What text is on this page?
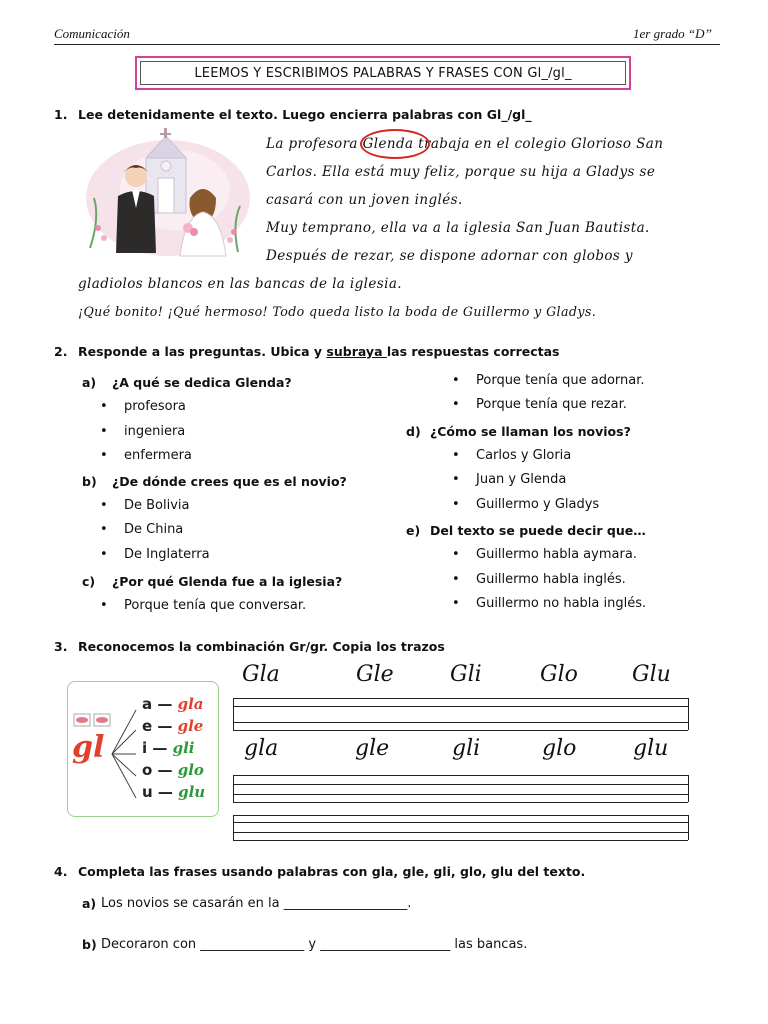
Comunicación	1er grado “D’’
LEEMOS Y ESCRIBIMOS PALABRAS Y FRASES CON Gl_/gl_
1. Lee detenidamente el texto. Luego encierra palabras con Gl_/gl_
La profesora Glenda trabaja en el colegio Glorioso San
Carlos. Ella está muy feliz, porque su hija a Gladys se
casará con un joven inglés.
Muy temprano, ella va a la iglesia San Juan Bautista.
Después de rezar, se dispone adornar con globos y
gladiolos blancos en las bancas de la iglesia.
¡Qué bonito! ¡Qué hermoso! Todo queda listo la boda de Guillermo y Gladys.
2. Responde a las preguntas. Ubica y subraya las respuestas correctas
a) ¿A qué se dedica Glenda?
• profesora
• ingeniera
• enfermera
b) ¿De dónde crees que es el novio?
• De Bolivia
• De China
• De Inglaterra
c) ¿Por qué Glenda fue a la iglesia?
• Porque tenía que conversar.
• Porque tenía que adornar.
• Porque tenía que rezar.
d) ¿Cómo se llaman los novios?
• Carlos y Gloria
• Juan y Glenda
• Guillermo y Gladys
e) Del texto se puede decir que…
• Guillermo habla aymara.
• Guillermo habla inglés.
• Guillermo no habla inglés.
3. Reconocemos la combinación Gr/gr. Copia los trazos
gl
a — gla
e — gle
i — gli
o — glo
u — glu
Gla	Gle	Gli	Glo Glu
gla	gle	gli	glo	glu
4. Completa las frases usando palabras con gla, gle, gli, glo, glu del texto.
a) Los novios se casarán en la ___________________.
b) Decoraron con ________________ y ____________________ las bancas.
